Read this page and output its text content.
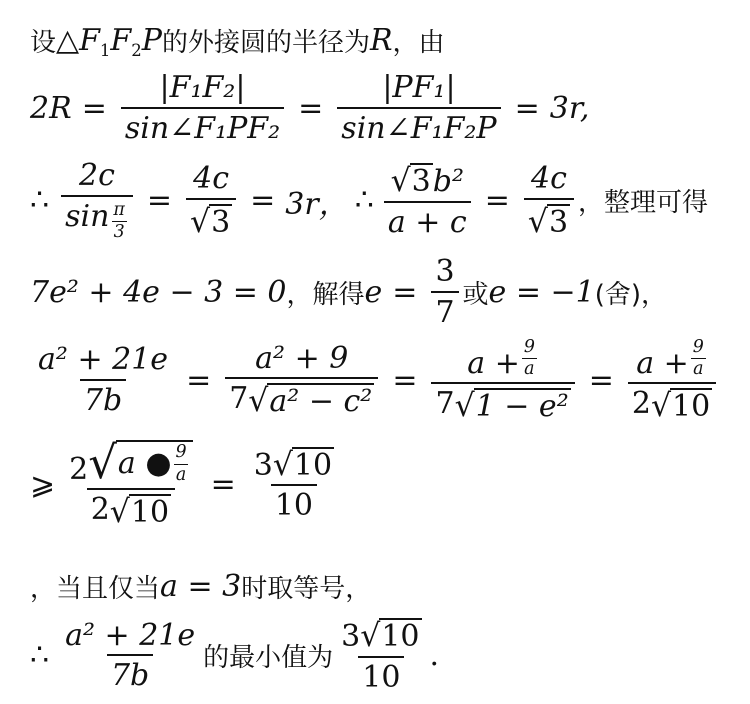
设 △ F1 F2 P 的外接圆的半径为 R ，由
$2R = \frac{\text{|F₁F₂|}}{\text{sin∠F₁PF₂}} = \frac{\text{|PF₁|}}{\text{sin∠F₁F₂P}} = 3r$,
∴ $\frac{2c}{\sin \frac{\pi}{3}} = \frac{4c}{√ 3} = 3r$， ∴ $\frac{\text{√ 3 b²}}{a + c} = \frac{4c}{√ 3}$ ，整理可得
7e² + 4e − 3 = 0 ，解得 $e = \frac{3}{7}$ 或 e = −1 (舍)，
$\frac{\text{a² + 21e}}{7b} = \frac{\text{a² + 9}}{\text{7 √ a² − c²}} = \frac{a + \frac{9}{a}}{\text{7 √ 1 − e²}} = \frac{a + \frac{9}{a}}{2 √ 10}$
⩾ $\frac{2 √ a ● \frac{9}{a}}{2 √ 10} = \frac{3 √ 10}{10}$
，当且仅当 a = 3 时取等号，
∴ $\frac{\text{a² + 21e}}{7b}$ 的最小值为 $\frac{3 √ 10}{10}$ .
